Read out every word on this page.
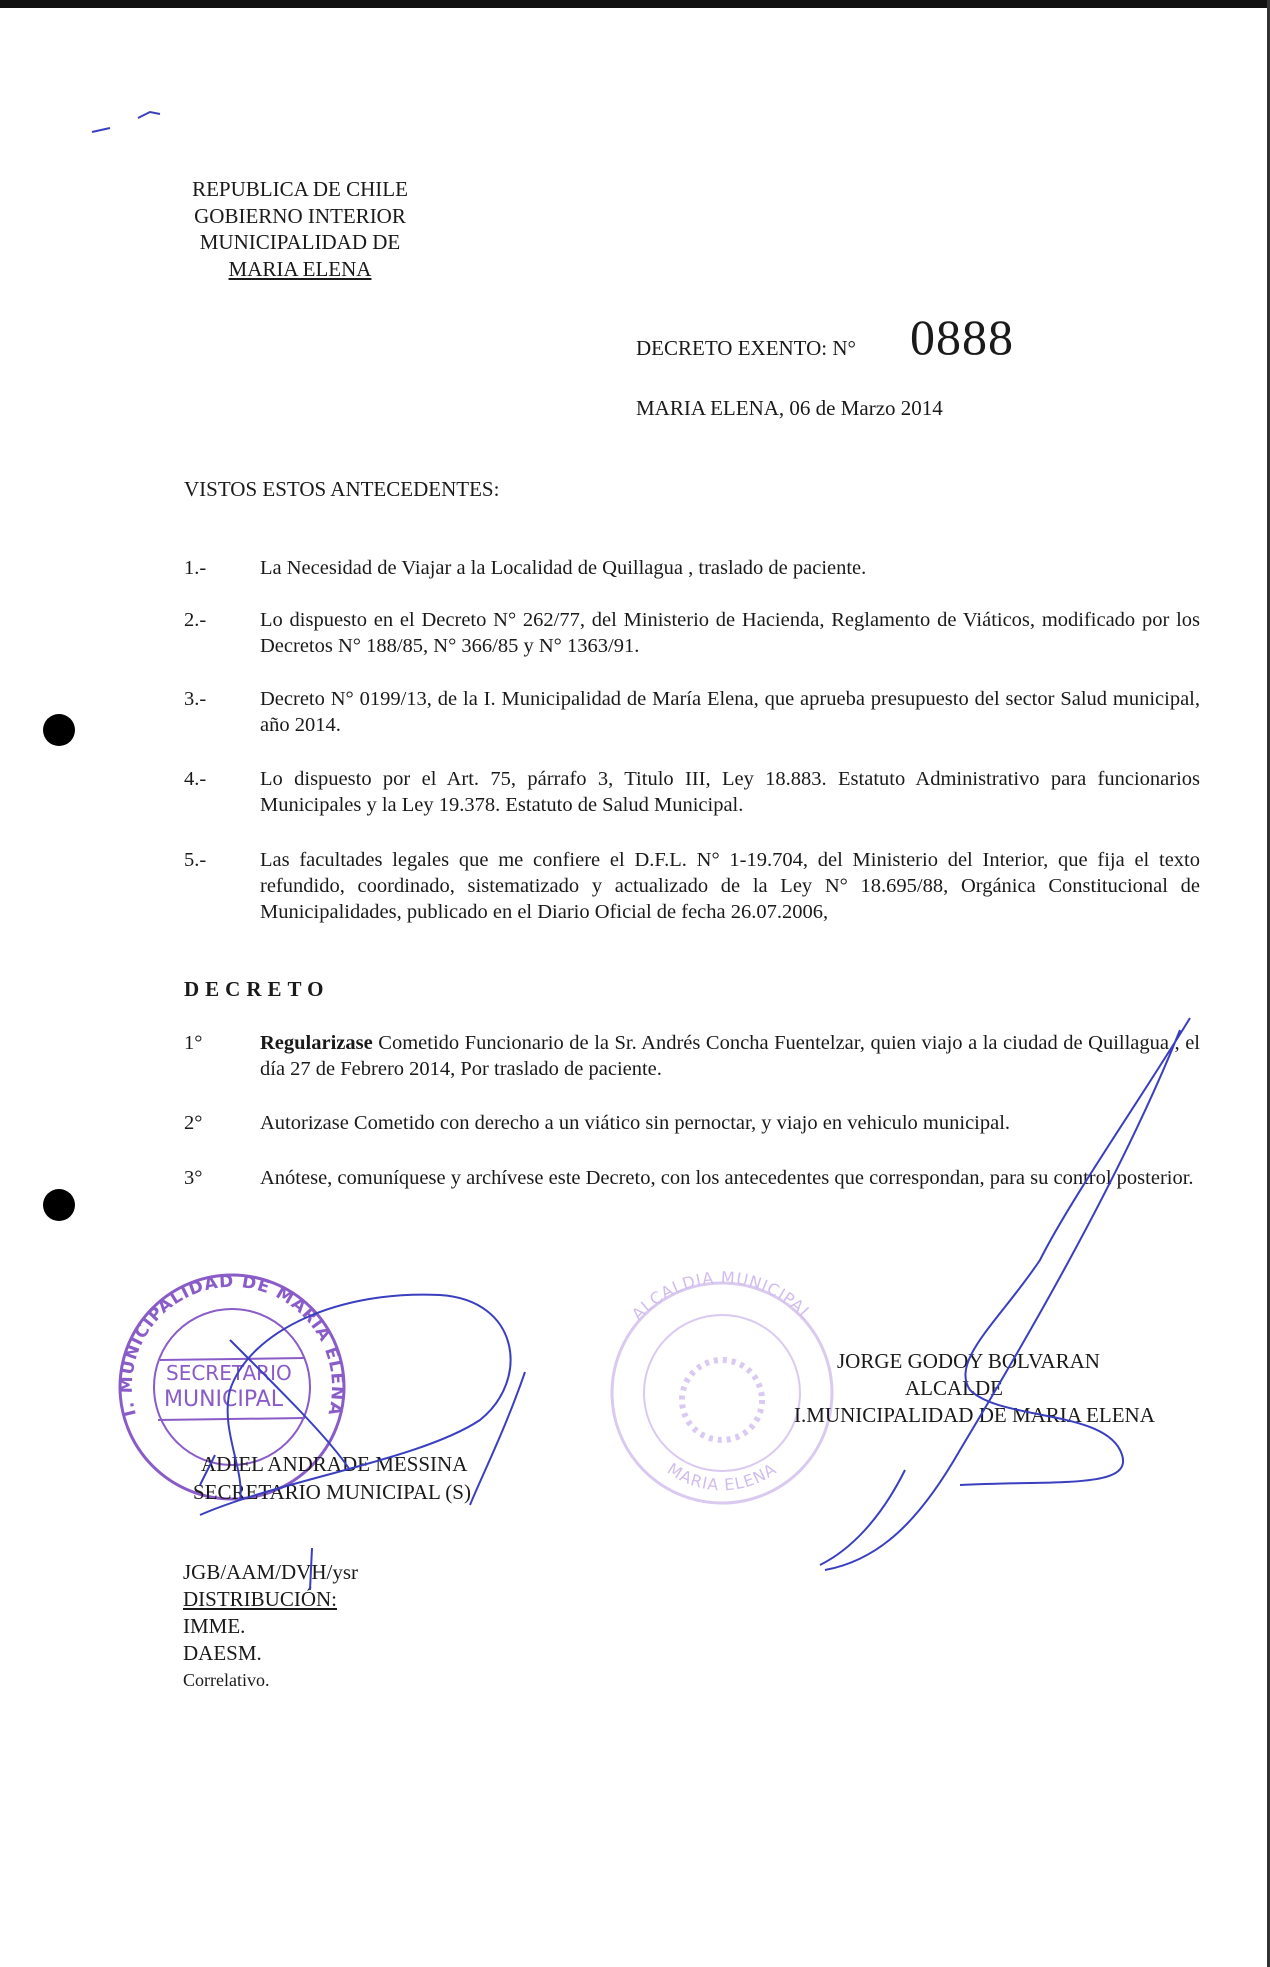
REPUBLICA DE CHILE
GOBIERNO INTERIOR
MUNICIPALIDAD DE
MARIA ELENA
DECRETO EXENTO: N° 0888
MARIA ELENA, 06 de Marzo 2014
VISTOS ESTOS ANTECEDENTES:
1.-	La Necesidad de Viajar a la Localidad de Quillagua , traslado de paciente.
2.-	Lo dispuesto en el Decreto N° 262/77, del Ministerio de Hacienda, Reglamento de Viáticos, modificado por los Decretos N° 188/85, N° 366/85 y N° 1363/91.
3.-	Decreto N° 0199/13, de la I. Municipalidad de María Elena, que aprueba presupuesto del sector Salud municipal, año 2014.
4.-	Lo dispuesto por el Art. 75, párrafo 3, Titulo III, Ley 18.883. Estatuto Administrativo para funcionarios Municipales y la Ley 19.378. Estatuto de Salud Municipal.
5.-	Las facultades legales que me confiere el D.F.L. N° 1-19.704, del Ministerio del Interior, que fija el texto refundido, coordinado, sistematizado y actualizado de la Ley N° 18.695/88, Orgánica Constitucional de Municipalidades, publicado en el Diario Oficial de fecha 26.07.2006,
DECRETO
1°	Regularizase Cometido Funcionario de la Sr. Andrés Concha Fuentelzar, quien viajo a la ciudad de Quillagua , el día 27 de Febrero 2014, Por traslado de paciente.
2°	Autorizase Cometido con derecho a un viático sin pernoctar, y viajo en vehiculo municipal.
3°	Anótese, comuníquese y archívese este Decreto, con los antecedentes que correspondan, para su control posterior.
I. MUNICIPALIDAD DE MARIA ELENA
SECRETARIO
MUNICIPAL
ALCALDIA MUNICIPAL
MARIA ELENA
ADIEL ANDRADE MESSINA
SECRETARIO MUNICIPAL (S)
JORGE GODOY BOLVARAN
ALCALDE
I.MUNICIPALIDAD DE MARIA ELENA
JGB/AAM/DVH/ysr
DISTRIBUCIÓN:
IMME.
DAESM.
Correlativo.
